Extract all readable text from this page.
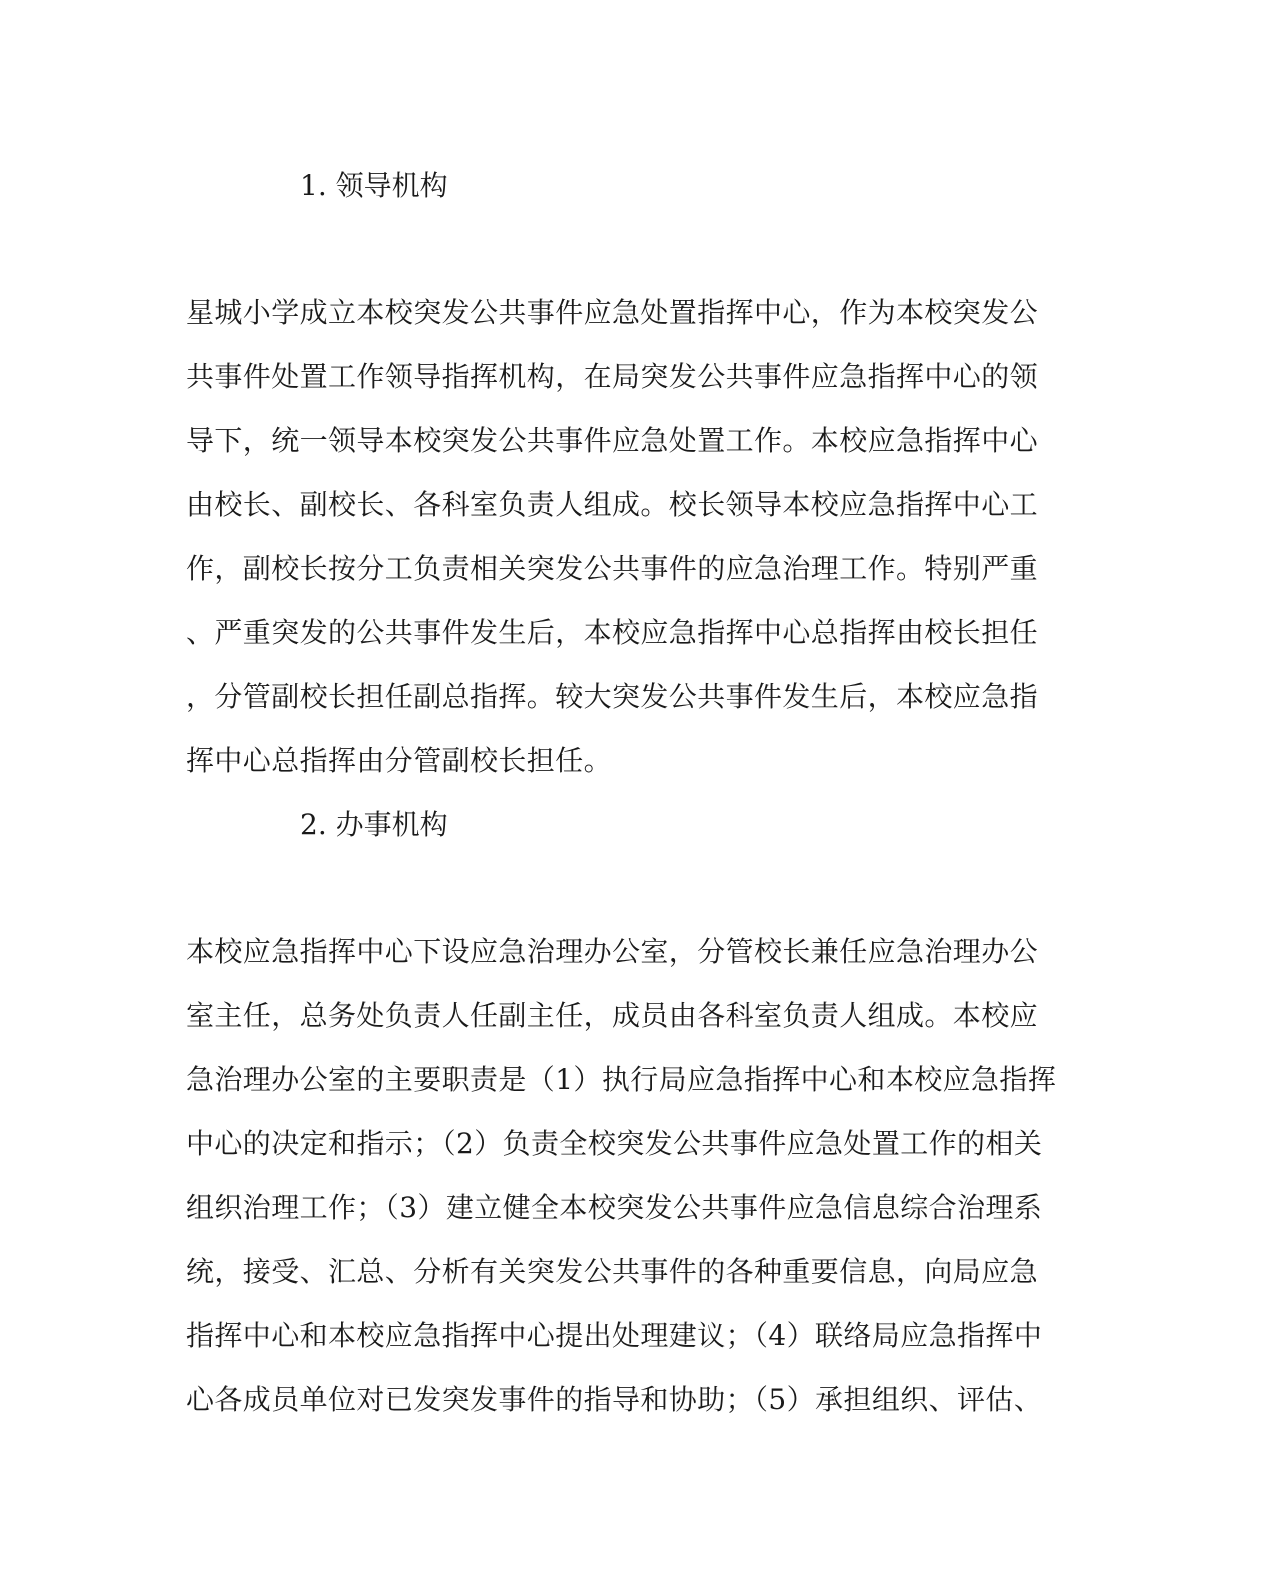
1. 领导机构
星城小学成立本校突发公共事件应急处置指挥中心，作为本校突发公
共事件处置工作领导指挥机构，在局突发公共事件应急指挥中心的领
导下，统一领导本校突发公共事件应急处置工作。本校应急指挥中心
由校长、副校长、各科室负责人组成。校长领导本校应急指挥中心工
作，副校长按分工负责相关突发公共事件的应急治理工作。特别严重
、严重突发的公共事件发生后，本校应急指挥中心总指挥由校长担任
，分管副校长担任副总指挥。较大突发公共事件发生后，本校应急指
挥中心总指挥由分管副校长担任。
2. 办事机构
本校应急指挥中心下设应急治理办公室，分管校长兼任应急治理办公
室主任，总务处负责人任副主任，成员由各科室负责人组成。本校应
急治理办公室的主要职责是（1）执行局应急指挥中心和本校应急指挥
中心的决定和指示；（2）负责全校突发公共事件应急处置工作的相关
组织治理工作；（3）建立健全本校突发公共事件应急信息综合治理系
统，接受、汇总、分析有关突发公共事件的各种重要信息，向局应急
指挥中心和本校应急指挥中心提出处理建议；（4）联络局应急指挥中
心各成员单位对已发突发事件的指导和协助；（5）承担组织、评估、
